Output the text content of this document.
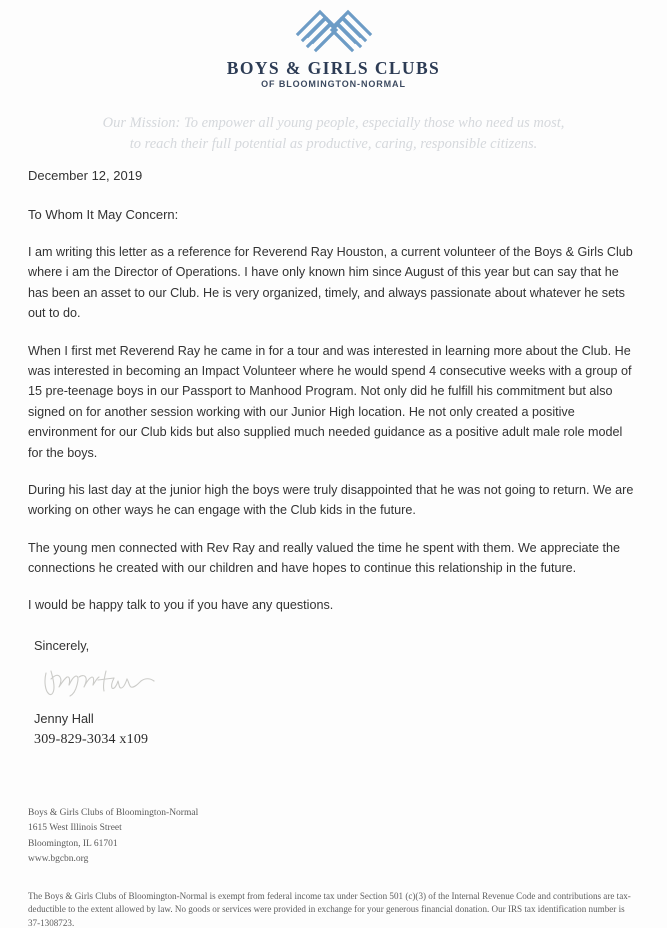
BOYS & GIRLS CLUBS
OF BLOOMINGTON-NORMAL
Our Mission: To empower all young people, especially those who need us most,
to reach their full potential as productive, caring, responsible citizens.
December 12, 2019
To Whom It May Concern:

I am writing this letter as a reference for Reverend Ray Houston, a current volunteer of the Boys & Girls Club where i am the Director of Operations. I have only known him since August of this year but can say that he has been an asset to our Club. He is very organized, timely, and always passionate about whatever he sets out to do.

When I first met Reverend Ray he came in for a tour and was interested in learning more about the Club. He was interested in becoming an Impact Volunteer where he would spend 4 consecutive weeks with a group of 15 pre-teenage boys in our Passport to Manhood Program. Not only did he fulfill his commitment but also signed on for another session working with our Junior High location. He not only created a positive environment for our Club kids but also supplied much needed guidance as a positive adult male role model for the boys.

During his last day at the junior high the boys were truly disappointed that he was not going to return. We are working on other ways he can engage with the Club kids in the future.

The young men connected with Rev Ray and really valued the time he spent with them. We appreciate the connections he created with our children and have hopes to continue this relationship in the future.

I would be happy talk to you if you have any questions.

Sincerely,
Jenny Hall
309-829-3034 x109
Boys & Girls Clubs of Bloomington-Normal
1615 West Illinois Street
Bloomington, IL 61701
www.bgcbn.org
The Boys & Girls Clubs of Bloomington-Normal is exempt from federal income tax under Section 501 (c)(3) of the Internal Revenue Code and contributions are tax-deductible to the extent allowed by law. No goods or services were provided in exchange for your generous financial donation. Our IRS tax identification number is 37-1308723.
